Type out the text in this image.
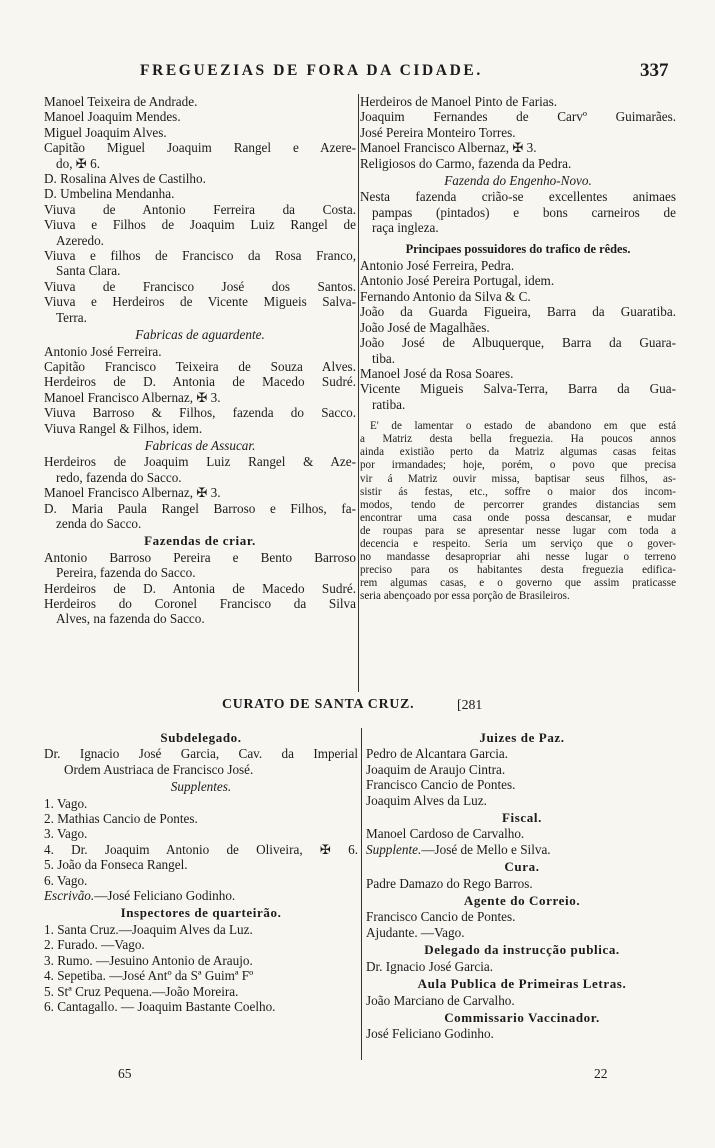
FREGUEZIAS DE FORA DA CIDADE.	337
Manoel Teixeira de Andrade.
Manoel Joaquim Mendes.
Miguel Joaquim Alves.
Capitão Miguel Joaquim Rangel e Azere-
do, ✠ 6.
D. Rosalina Alves de Castilho.
D. Umbelina Mendanha.
Viuva de Antonio Ferreira da Costa.
Viuva e Filhos de Joaquim Luiz Rangel de
Azeredo.
Viuva e filhos de Francisco da Rosa Franco,
Santa Clara.
Viuva de Francisco José dos Santos.
Viuva e Herdeiros de Vicente Migueis Salva-
Terra.
Fabricas de aguardente.
Antonio José Ferreira.
Capitão Francisco Teixeira de Souza Alves.
Herdeiros de D. Antonia de Macedo Sudré.
Manoel Francisco Albernaz, ✠ 3.
Viuva Barroso & Filhos, fazenda do Sacco.
Viuva Rangel & Filhos, idem.
Fabricas de Assucar.
Herdeiros de Joaquim Luiz Rangel & Aze-
redo, fazenda do Sacco.
Manoel Francisco Albernaz, ✠ 3.
D. Maria Paula Rangel Barroso e Filhos, fa-
zenda do Sacco.
Fazendas de criar.
Antonio Barroso Pereira e Bento Barroso
Pereira, fazenda do Sacco.
Herdeiros de D. Antonia de Macedo Sudré.
Herdeiros do Coronel Francisco da Silva
Alves, na fazenda do Sacco.
Herdeiros de Manoel Pinto de Farias.
Joaquim Fernandes de Carvº Guimarães.
José Pereira Monteiro Torres.
Manoel Francisco Albernaz, ✠ 3.
Religiosos do Carmo, fazenda da Pedra.
Fazenda do Engenho-Novo.
Nesta fazenda crião-se excellentes animaes
pampas (pintados) e bons carneiros de
raça ingleza.
Principaes possuidores do trafico de rêdes.
Antonio José Ferreira, Pedra.
Antonio José Pereira Portugal, idem.
Fernando Antonio da Silva & C.
João da Guarda Figueira, Barra da Guaratiba.
João José de Magalhães.
João José de Albuquerque, Barra da Guara-
tiba.
Manoel José da Rosa Soares.
Vicente Migueis Salva-Terra, Barra da Gua-
ratiba.
E' de lamentar o estado de abandono em que está
a Matriz desta bella freguezia. Ha poucos annos
ainda existião perto da Matriz algumas casas feitas
por irmandades; hoje, porém, o povo que precisa
vir á Matriz ouvir missa, baptisar seus filhos, as-
sistir ás festas, etc., soffre o maior dos incom-
modos, tendo de percorrer grandes distancias sem
encontrar uma casa onde possa descansar, e mudar
de roupas para se apresentar nesse lugar com toda a
decencia e respeito. Seria um serviço que o gover-
no mandasse desapropriar ahi nesse lugar o terreno
preciso para os habitantes desta freguezia edifica-
rem algumas casas, e o governo que assim praticasse
seria abençoado por essa porção de Brasileiros.
CURATO DE SANTA CRUZ.	[281
Subdelegado.
Dr. Ignacio José Garcia, Cav. da Imperial
Ordem Austriaca de Francisco José.
Supplentes.
1. Vago.
2. Mathias Cancio de Pontes.
3. Vago.
4. Dr. Joaquim Antonio de Oliveira, ✠ 6.
5. João da Fonseca Rangel.
6. Vago.
Escrivão.—José Feliciano Godinho.
Inspectores de quarteirão.
1. Santa Cruz.—Joaquim Alves da Luz.
2. Furado. —Vago.
3. Rumo. —Jesuino Antonio de Araujo.
4. Sepetiba. —José Antº da Sª Guimª Fº
5. Stª Cruz Pequena.—João Moreira.
6. Cantagallo. — Joaquim Bastante Coelho.
Juizes de Paz.
Pedro de Alcantara Garcia.
Joaquim de Araujo Cintra.
Francisco Cancio de Pontes.
Joaquim Alves da Luz.
Fiscal.
Manoel Cardoso de Carvalho.
Supplente.—José de Mello e Silva.
Cura.
Padre Damazo do Rego Barros.
Agente do Correio.
Francisco Cancio de Pontes.
Ajudante. —Vago.
Delegado da instrucção publica.
Dr. Ignacio José Garcia.
Aula Publica de Primeiras Letras.
João Marciano de Carvalho.
Commissario Vaccinador.
José Feliciano Godinho.
65	22
